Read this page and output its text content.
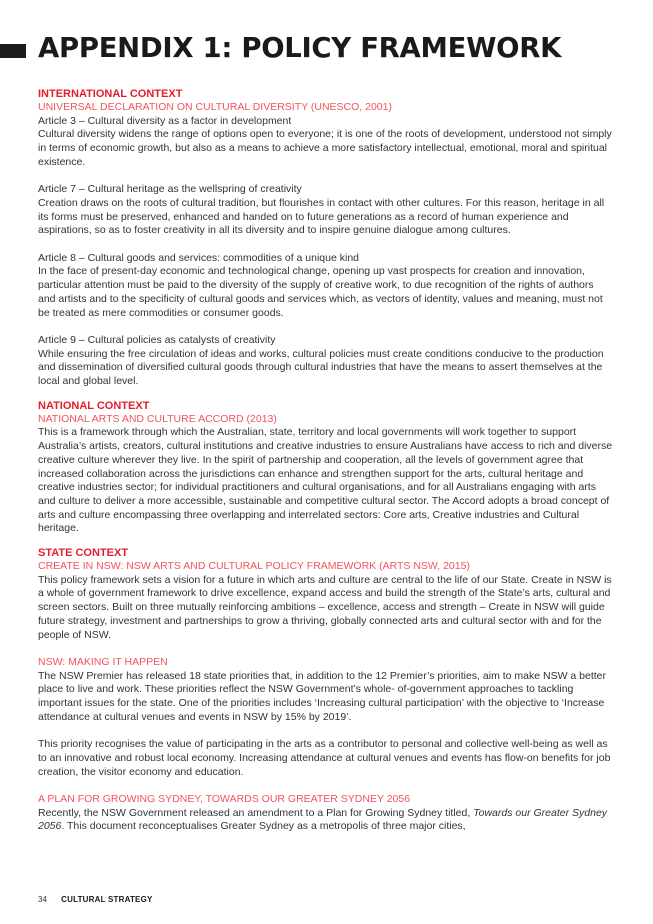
APPENDIX 1: POLICY FRAMEWORK

INTERNATIONAL CONTEXT

UNIVERSAL DECLARATION ON CULTURAL DIVERSITY (UNESCO, 2001)

Article 3 – Cultural diversity as a factor in development

Cultural diversity widens the range of options open to everyone; it is one of the roots of development, understood not simply in terms of economic growth, but also as a means to achieve a more satisfactory intellectual, emotional, moral and spiritual existence.

Article 7 – Cultural heritage as the wellspring of creativity

Creation draws on the roots of cultural tradition, but flourishes in contact with other cultures. For this reason, heritage in all its forms must be preserved, enhanced and handed on to future generations as a record of human experience and aspirations, so as to foster creativity in all its diversity and to inspire genuine dialogue among cultures.

Article 8 – Cultural goods and services: commodities of a unique kind

In the face of present-day economic and technological change, opening up vast prospects for creation and innovation, particular attention must be paid to the diversity of the supply of creative work, to due recognition of the rights of authors and artists and to the specificity of cultural goods and services which, as vectors of identity, values and meaning, must not be treated as mere commodities or consumer goods.

Article 9 – Cultural policies as catalysts of creativity

While ensuring the free circulation of ideas and works, cultural policies must create conditions conducive to the production and dissemination of diversified cultural goods through cultural industries that have the means to assert themselves at the local and global level.

NATIONAL CONTEXT

NATIONAL ARTS AND CULTURE ACCORD (2013)

This is a framework through which the Australian, state, territory and local governments will work together to support Australia’s artists, creators, cultural institutions and creative industries to ensure Australians have access to rich and diverse creative culture wherever they live. In the spirit of partnership and cooperation, all the levels of government agree that increased collaboration across the jurisdictions can enhance and strengthen support for the arts, cultural heritage and creative industries sector; for individual practitioners and cultural organisations, and for all Australians engaging with arts and culture to deliver a more accessible, sustainable and competitive cultural sector. The Accord adopts a broad concept of arts and culture encompassing three overlapping and interrelated sectors: Core arts, Creative industries and Cultural heritage.

STATE CONTEXT

CREATE IN NSW: NSW ARTS AND CULTURAL POLICY FRAMEWORK (ARTS NSW, 2015)

This policy framework sets a vision for a future in which arts and culture are central to the life of our State. Create in NSW is a whole of government framework to drive excellence, expand access and build the strength of the State’s arts, cultural and screen sectors. Built on three mutually reinforcing ambitions – excellence, access and strength – Create in NSW will guide future strategy, investment and partnerships to grow a thriving, globally connected arts and cultural sector with and for the people of NSW.

NSW: MAKING IT HAPPEN

The NSW Premier has released 18 state priorities that, in addition to the 12 Premier’s priorities, aim to make NSW a better place to live and work. These priorities reflect the NSW Government’s whole- of-government approaches to tackling important issues for the state. One of the priorities includes ‘Increasing cultural participation’ with the objective to ‘Increase attendance at cultural venues and events in NSW by 15% by 2019’.

This priority recognises the value of participating in the arts as a contributor to personal and collective well-being as well as to an innovative and robust local economy. Increasing attendance at cultural venues and events has flow-on benefits for job creation, the visitor economy and education.

A PLAN FOR GROWING SYDNEY, TOWARDS OUR GREATER SYDNEY 2056

Recently, the NSW Government released an amendment to a Plan for Growing Sydney titled, Towards our Greater Sydney 2056. This document reconceptualises Greater Sydney as a metropolis of three major cities,

34 CULTURAL STRATEGY
